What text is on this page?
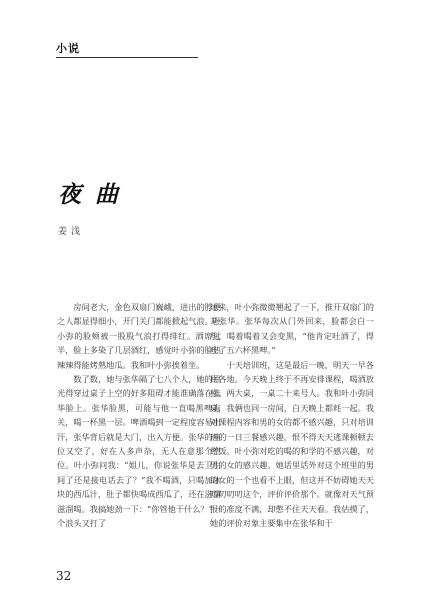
小说
夜曲
姜浅

房间老大，金色双扇门巍峨，进出的脖梗之人都显得细小，开门关门都能掀起气浪。叶小弥的脸颊被一股股气浪打得绯红。酒席过半，脸上多染了几层酒红，感觉叶小弥的脸热辣辣得能烤熟地瓜。我和叶小弥挨着坐。

数了数，她与张华隔了七八个人，她的目光得穿过桌子上空的好多阻碍才能准确落在张华脸上。张华脸黑，可能与他一直喝黑啤有关，喝一杯黑一层。啤酒喝到一定程度容易出汗，张华背后就是大门，出入方便。张华的座位又空了，好在人多声杂，无人在意那个空位。叶小弥问我：“姐儿，你说张华是去卫生间了还是接电话去了？”我不喝酒，只喝加冰块的西瓜汁，肚子都快喝成西瓜了，还在滋溜滋溜喝。我搞她劲一下：“你管他干什么？”一个浪头又打了

过来，叶小弥微微翘起了一下，推开双扇门的是张华。张华每次从门外回来，脸都会白一些，喝着喝着又会变黑，“他肯定吐酒了，得吐了五六杯黑啤。”

十天培训班，这是最后一晚，明天一早各回各地。今天晚上终于不再安排课程，喝酒放松。两大桌，一桌二十来号人。我和叶小弥同桌，我俩也同一房间，白天晚上都耗一起。我对课程内容和男的女的都不感兴趣，只对培训班的一日三餐感兴趣，恨不得天天逃课顿顿去蹭饭。叶小弥对吃的喝的和学的不感兴趣，对男的女的感兴趣。她话里话外对这个班里的男的女的一个也看不上眼，但这并不妨碍她天天叨叨叨叨这个，评价评价那个。就像对天气预报的准度不满，却憋不住天天看。我估摸了，她的评价对象主要集中在张华和于

32
